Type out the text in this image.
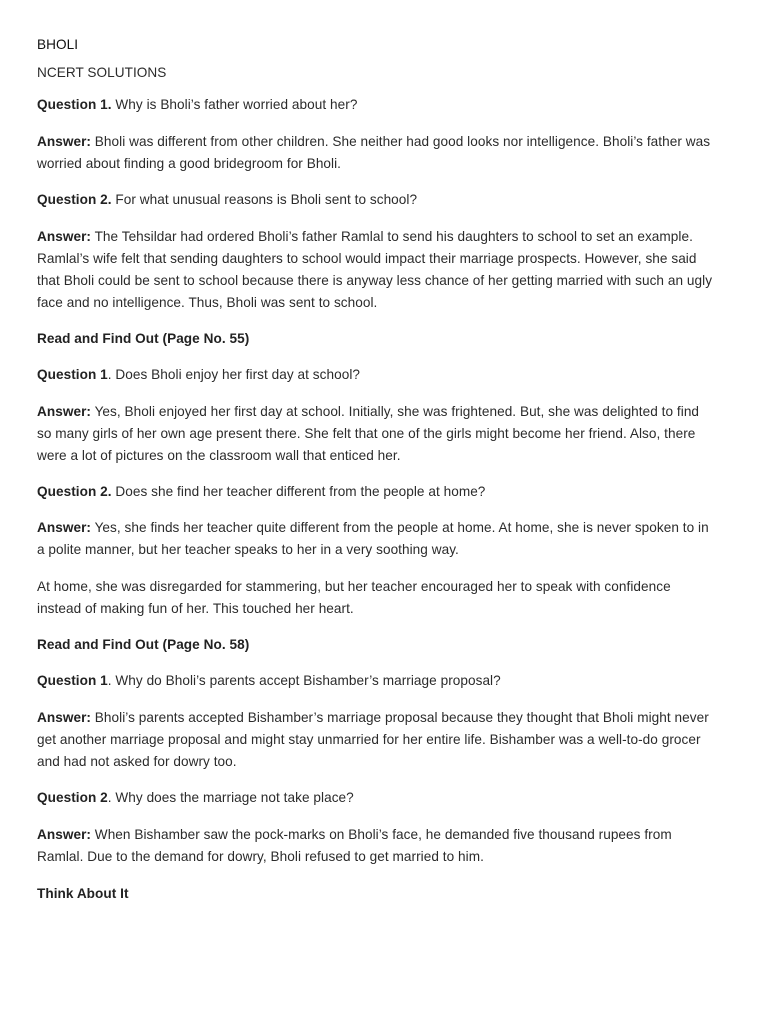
BHOLI

NCERT SOLUTIONS

Question 1. Why is Bholi’s father worried about her?

Answer: Bholi was different from other children. She neither had good looks nor intelligence. Bholi’s father was worried about finding a good bridegroom for Bholi.

Question 2. For what unusual reasons is Bholi sent to school?

Answer: The Tehsildar had ordered Bholi’s father Ramlal to send his daughters to school to set an example. Ramlal’s wife felt that sending daughters to school would impact their marriage prospects. However, she said that Bholi could be sent to school because there is anyway less chance of her getting married with such an ugly face and no intelligence. Thus, Bholi was sent to school.

Read and Find Out (Page No. 55)

Question 1. Does Bholi enjoy her first day at school?

Answer: Yes, Bholi enjoyed her first day at school. Initially, she was frightened. But, she was delighted to find so many girls of her own age present there. She felt that one of the girls might become her friend. Also, there were a lot of pictures on the classroom wall that enticed her.

Question 2. Does she find her teacher different from the people at home?

Answer: Yes, she finds her teacher quite different from the people at home. At home, she is never spoken to in a polite manner, but her teacher speaks to her in a very soothing way.

At home, she was disregarded for stammering, but her teacher encouraged her to speak with confidence instead of making fun of her. This touched her heart.

Read and Find Out (Page No. 58)

Question 1. Why do Bholi’s parents accept Bishamber’s marriage proposal?

Answer: Bholi’s parents accepted Bishamber’s marriage proposal because they thought that Bholi might never get another marriage proposal and might stay unmarried for her entire life. Bishamber was a well-to-do grocer and had not asked for dowry too.

Question 2. Why does the marriage not take place?

Answer: When Bishamber saw the pock-marks on Bholi’s face, he demanded five thousand rupees from Ramlal. Due to the demand for dowry, Bholi refused to get married to him.

Think About It
